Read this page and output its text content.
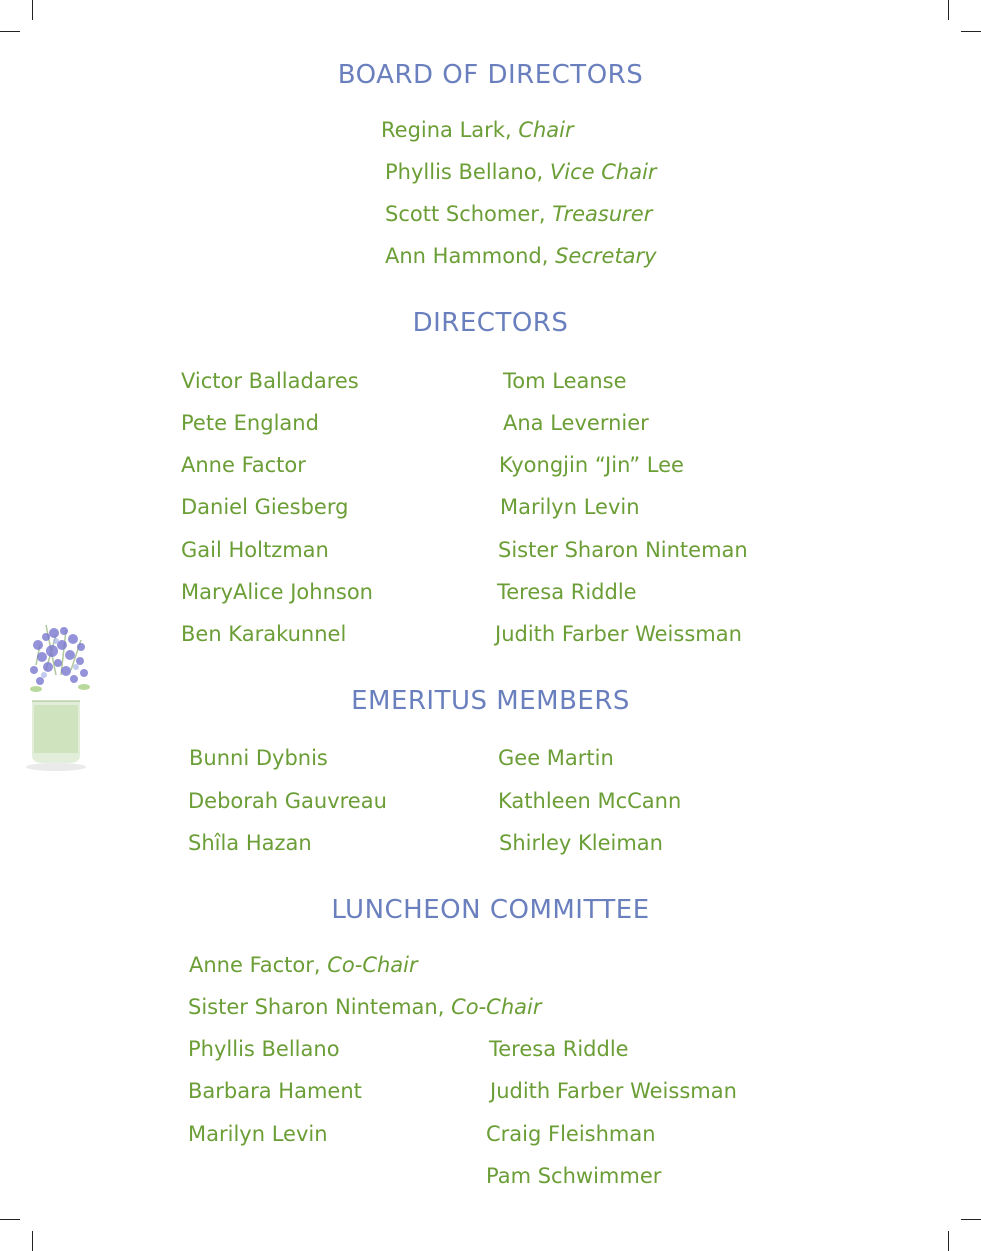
BOARD OF DIRECTORS
Regina Lark, Chair
Phyllis Bellano, Vice Chair
Scott Schomer, Treasurer
Ann Hammond, Secretary
DIRECTORS
Victor Balladares
Pete England
Anne Factor
Daniel Giesberg
Gail Holtzman
MaryAlice Johnson
Ben Karakunnel
Tom Leanse
Ana Levernier
Kyongjin “Jin” Lee
Marilyn Levin
Sister Sharon Ninteman
Teresa Riddle
Judith Farber Weissman
EMERITUS MEMBERS
Bunni Dybnis
Deborah Gauvreau
Shîla Hazan
Gee Martin
Kathleen McCann
Shirley Kleiman
LUNCHEON COMMITTEE
Anne Factor, Co-Chair
Sister Sharon Ninteman, Co-Chair
Phyllis Bellano
Barbara Hament
Marilyn Levin
Teresa Riddle
Judith Farber Weissman
Craig Fleishman
Pam Schwimmer
